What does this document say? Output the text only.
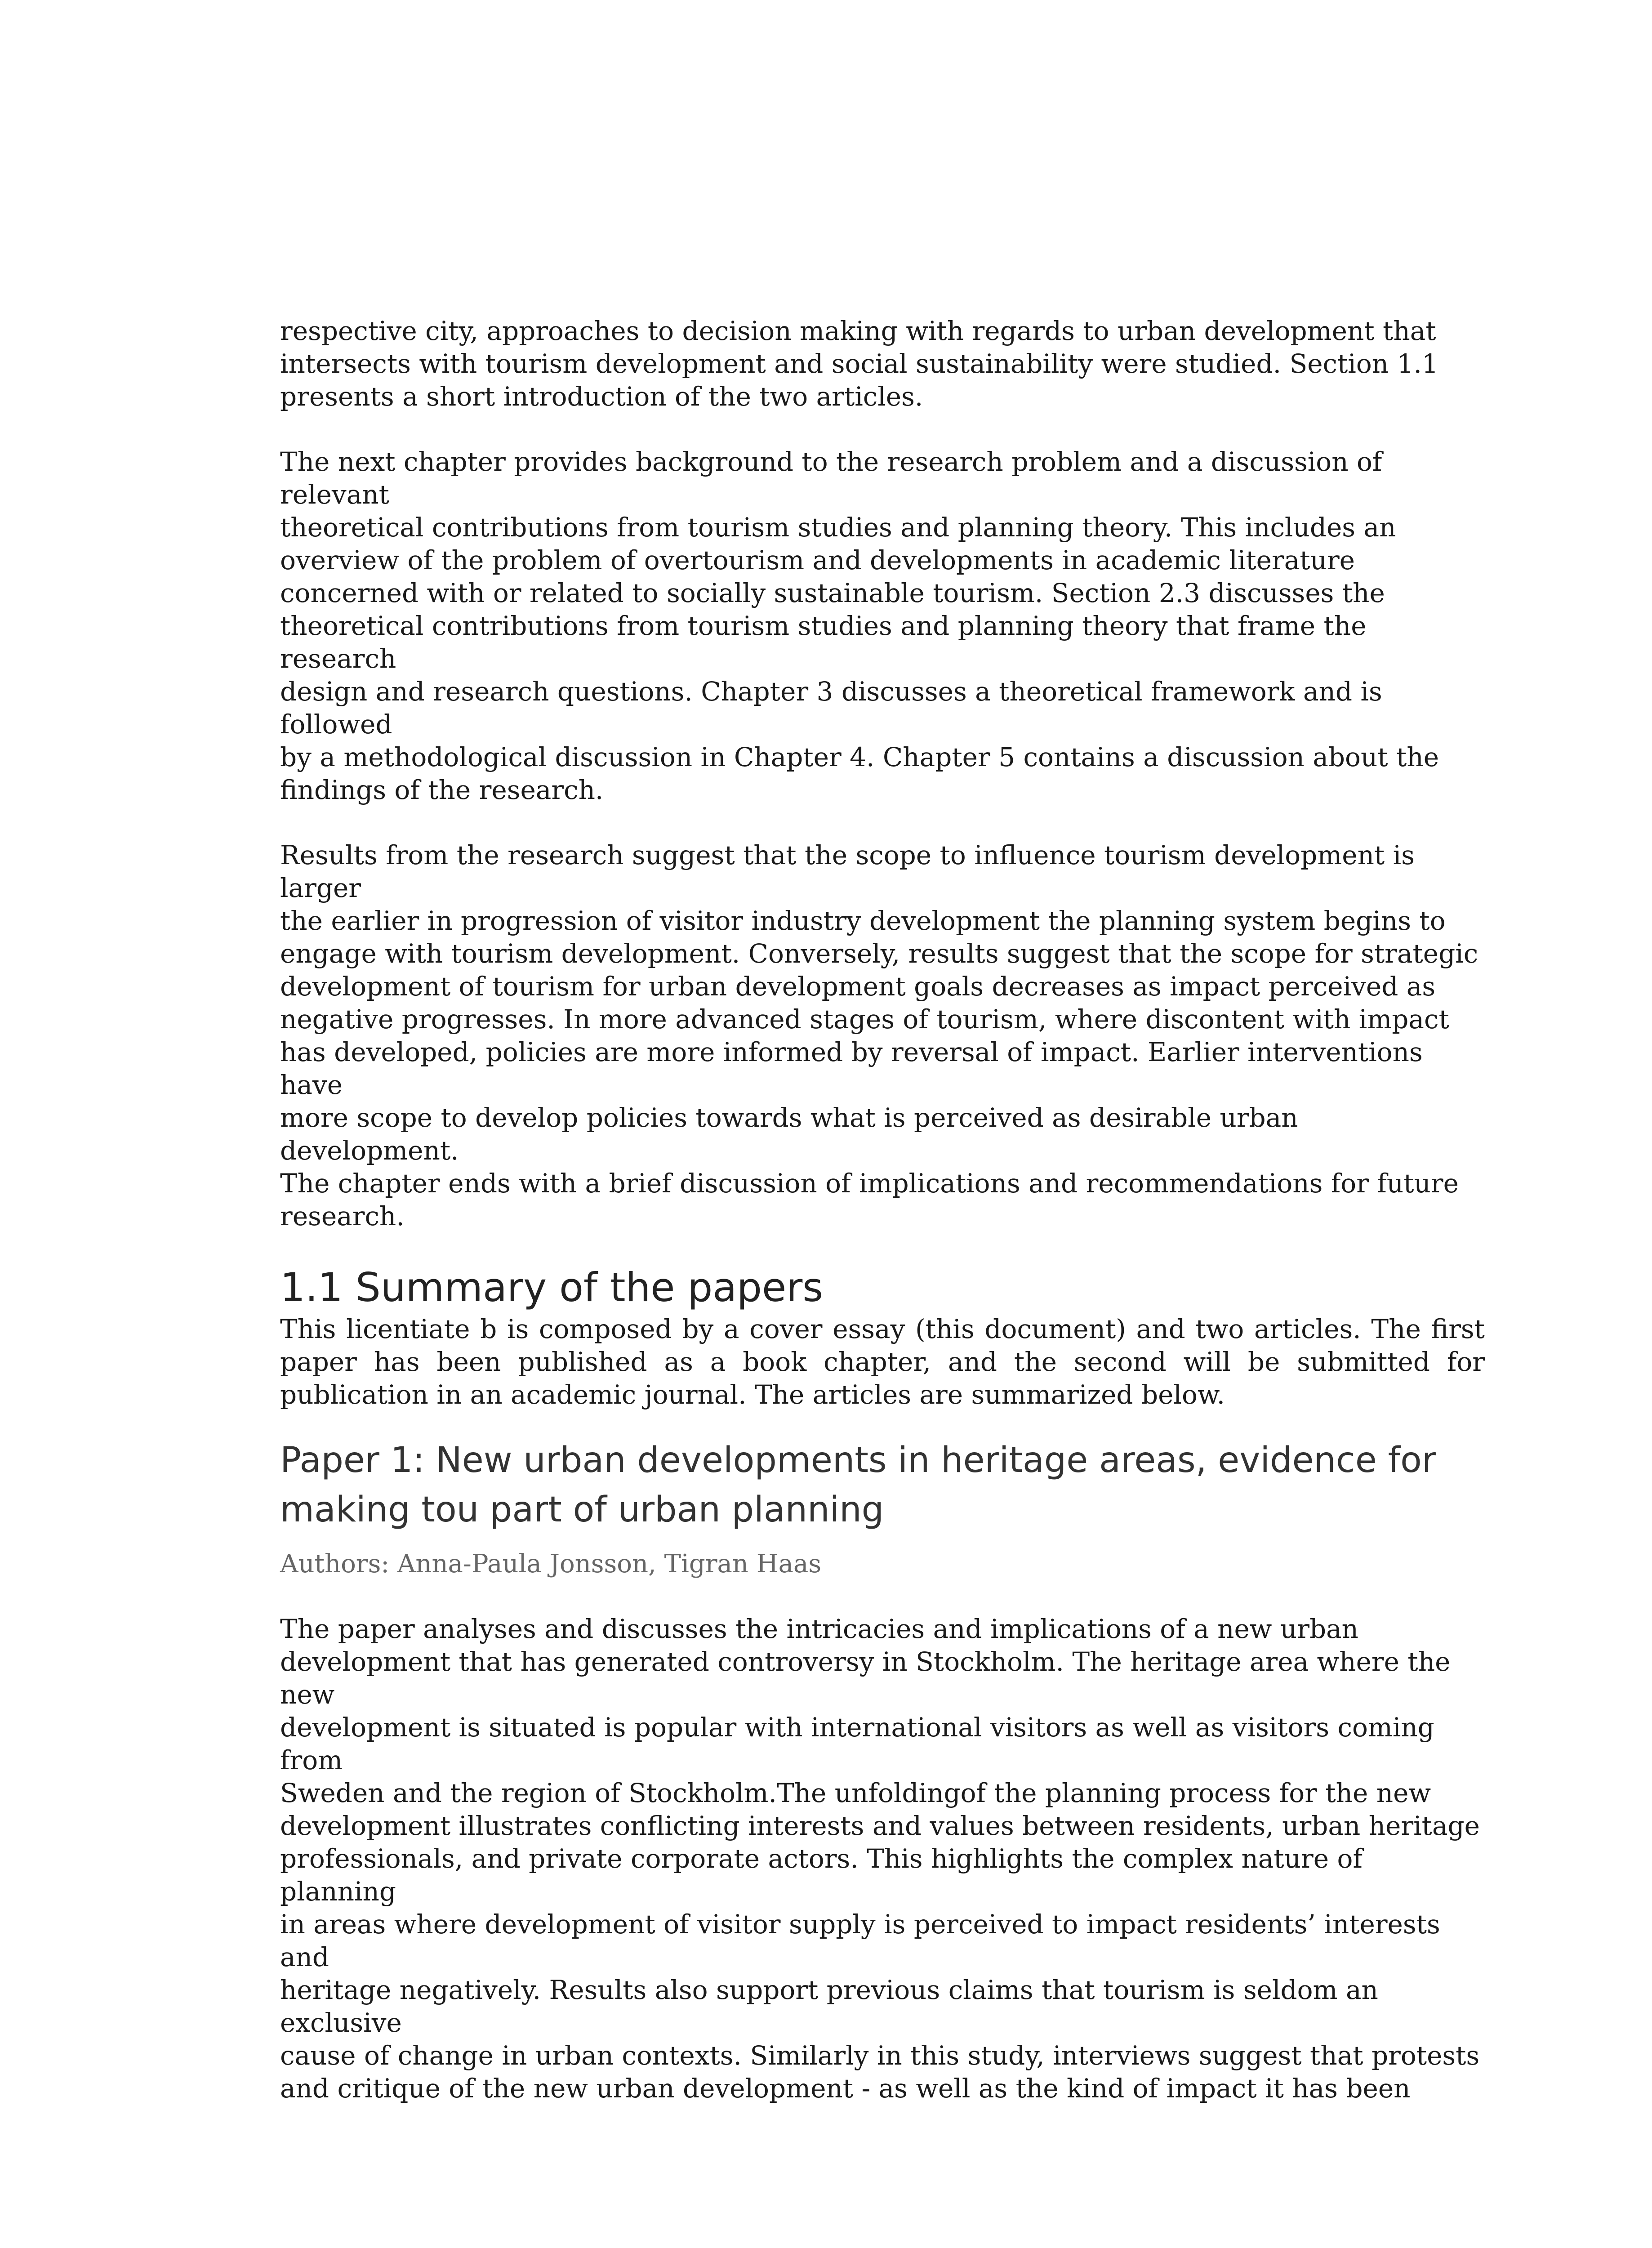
respective city, approaches to decision making with regards to urban development that
intersects with tourism development and social sustainability were studied. Section 1.1
presents a short introduction of the two articles.

The next chapter provides background to the research problem and a discussion of relevant
theoretical contributions from tourism studies and planning theory. This includes an
overview of the problem of overtourism and developments in academic literature
concerned with or related to socially sustainable tourism. Section 2.3 discusses the
theoretical contributions from tourism studies and planning theory that frame the research
design and research questions. Chapter 3 discusses a theoretical framework and is followed
by a methodological discussion in Chapter 4. Chapter 5 contains a discussion about the
findings of the research.

Results from the research suggest that the scope to influence tourism development is larger
the earlier in progression of visitor industry development the planning system begins to
engage with tourism development. Conversely, results suggest that the scope for strategic
development of tourism for urban development goals decreases as impact perceived as
negative progresses. In more advanced stages of tourism, where discontent with impact
has developed, policies are more informed by reversal of impact. Earlier interventions have
more scope to develop policies towards what is perceived as desirable urban development.
The chapter ends with a brief discussion of implications and recommendations for future
research.

1.1 Summary of the papers

This licentiate b is composed by a cover essay (this document) and two articles. The first paper has been published as a book chapter, and the second will be submitted for publication in an academic journal. The articles are summarized below.

Paper 1: New urban developments in heritage areas, evidence for
making tou part of urban planning

Authors: Anna-Paula Jonsson, Tigran Haas

The paper analyses and discusses the intricacies and implications of a new urban
development that has generated controversy in Stockholm. The heritage area where the new
development is situated is popular with international visitors as well as visitors coming from
Sweden and the region of Stockholm.The unfoldingof the planning process for the new
development illustrates conflicting interests and values between residents, urban heritage
professionals, and private corporate actors. This highlights the complex nature of planning
in areas where development of visitor supply is perceived to impact residents’ interests and
heritage negatively. Results also support previous claims that tourism is seldom an exclusive
cause of change in urban contexts. Similarly in this study, interviews suggest that protests
and critique of the new urban development - as well as the kind of impact it has been
